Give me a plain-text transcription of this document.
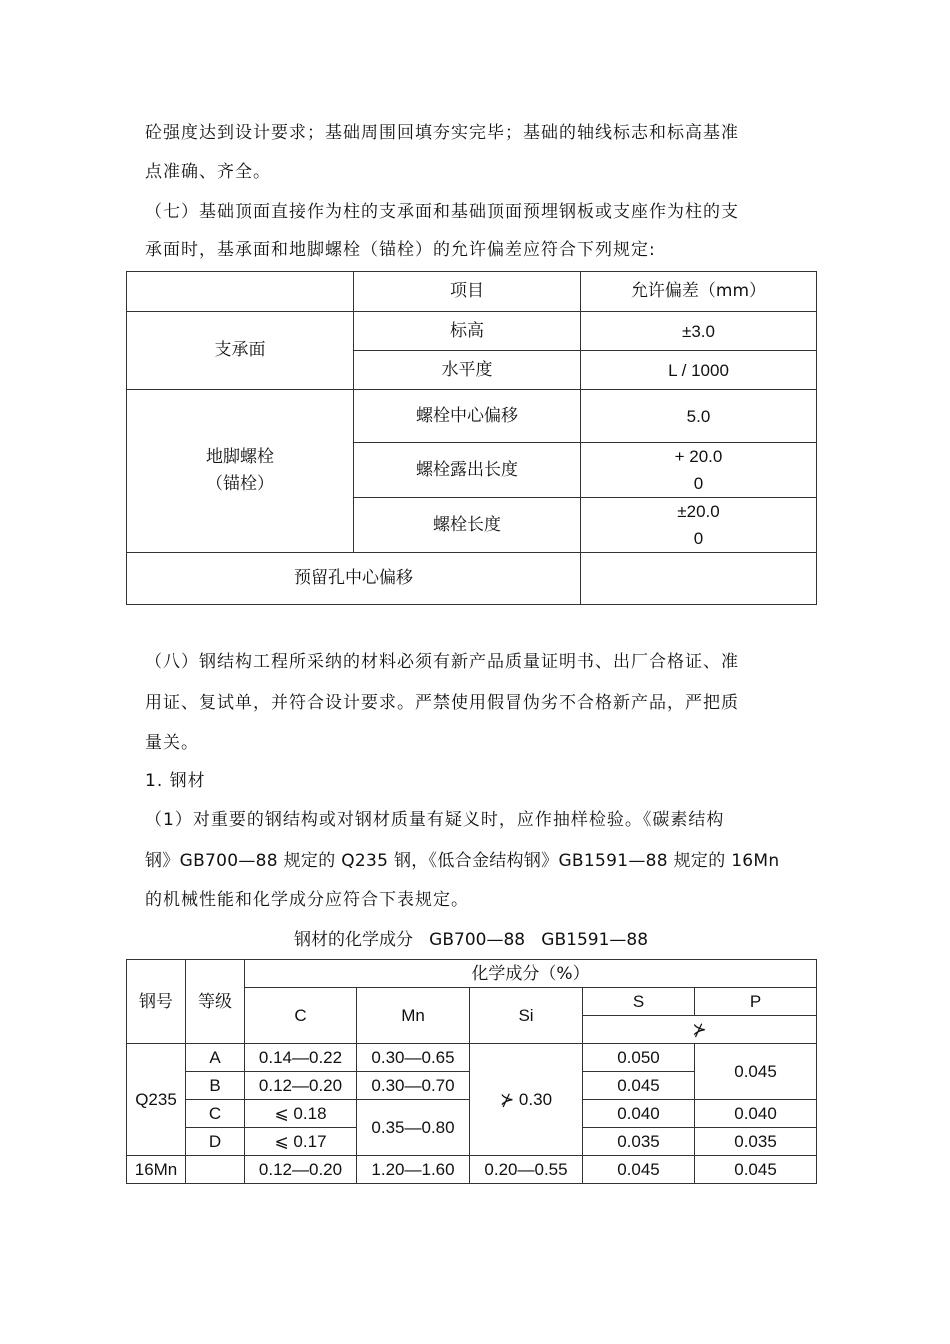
砼强度达到设计要求；基础周围回填夯实完毕；基础的轴线标志和标高基准
点准确、齐全。
（七）基础顶面直接作为柱的支承面和基础顶面预埋钢板或支座作为柱的支
承面时，基承面和地脚螺栓（锚栓）的允许偏差应符合下列规定:
	项目	允许偏差（mm）
支承面	标高	±3.0
	水平度	L / 1000

地脚螺栓
（锚栓）	螺栓中心偏移	5.0
	螺栓露出长度	+ 20.0
0

	螺栓长度	±20.0
0

预留孔中心偏移		
（八）钢结构工程所采纳的材料必须有新产品质量证明书、出厂合格证、准
用证、复试单，并符合设计要求。严禁使用假冒伪劣不合格新产品，严把质
量关。
1. 钢材
（1）对重要的钢结构或对钢材质量有疑义时，应作抽样检验。《碳素结构
钢》GB700—88 规定的 Q235 钢，《低合金结构钢》GB1591—88 规定的 16Mn
的机械性能和化学成分应符合下表规定。
钢材的化学成分   GB700—88   GB1591—88
钢号	等级	化学成分（%）				
		C	Mn	Si	S	P
					⊁	
Q235	A	0.14—0.22	0.30—0.65	⊁ 0.30	0.050	0.045
	B	0.12—0.20	0.30—0.70		0.045	
	C	⩽ 0.18	0.35—0.80		0.040	0.040
	D	⩽ 0.17			0.035	0.035
16Mn		0.12—0.20	1.20—1.60	0.20—0.55	0.045	0.045
